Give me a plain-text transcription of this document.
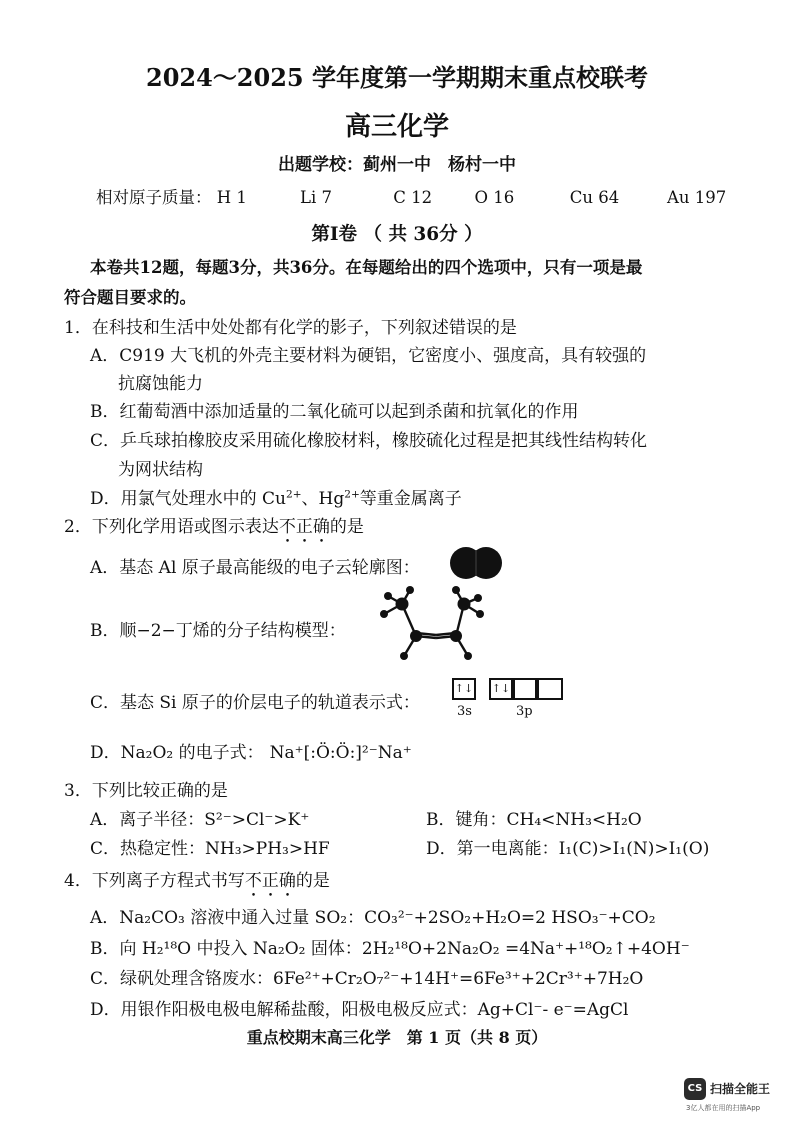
2024～2025 学年度第一学期期末重点校联考
高三化学
出题学校：蓟州一中　杨村一中
相对原子质量： H 1	Li 7	C 12	O 16	Cu 64	Au 197
第Ⅰ卷 （ 共 36分 ）
本卷共12题，每题3分，共36分。在每题给出的四个选项中，只有一项是最
符合题目要求的。
1．在科技和生活中处处都有化学的影子，下列叙述错误的是
A．C919 大飞机的外壳主要材料为硬铝，它密度小、强度高，具有较强的
抗腐蚀能力
B．红葡萄酒中添加适量的二氧化硫可以起到杀菌和抗氧化的作用
C．乒乓球拍橡胶皮采用硫化橡胶材料，橡胶硫化过程是把其线性结构转化
为网状结构
D．用氯气处理水中的 $Cu^{2+}$、$Hg^{2+}$等重金属离子
2．下列化学用语或图示表达不正确的是
A．基态 Al 原子最高能级的电子云轮廓图：
B．顺−2−丁烯的分子结构模型：
C．基态 Si 原子的价层电子的轨道表示式：
↑↓ ↑↓
3s	3p
D．Na₂O₂ 的电子式： Na⁺[:Ö:Ö:]²⁻Na⁺
3．下列比较正确的是
A．离子半径：S²⁻>Cl⁻>K⁺	B．键角：CH₄<NH₃<H₂O
C．热稳定性：NH₃>PH₃>HF	D．第一电离能：I₁(C)>I₁(N)>I₁(O)
4．下列离子方程式书写不正确的是
A．Na₂CO₃ 溶液中通入过量 SO₂：CO₃²⁻+2SO₂+H₂O=2 HSO₃⁻+CO₂
B．向 H₂¹⁸O 中投入 Na₂O₂ 固体：2H₂¹⁸O+2Na₂O₂ =4Na⁺+¹⁸O₂↑+4OH⁻
C．绿矾处理含铬废水：6Fe²⁺+Cr₂O₇²⁻+14H⁺=6Fe³⁺+2Cr³⁺+7H₂O
D．用银作阳极电极电解稀盐酸，阳极电极反应式：Ag+Cl⁻- e⁻=AgCl
重点校期末高三化学　第 1 页（共 8 页）
CS 扫描全能王
3亿人都在用的扫描App
